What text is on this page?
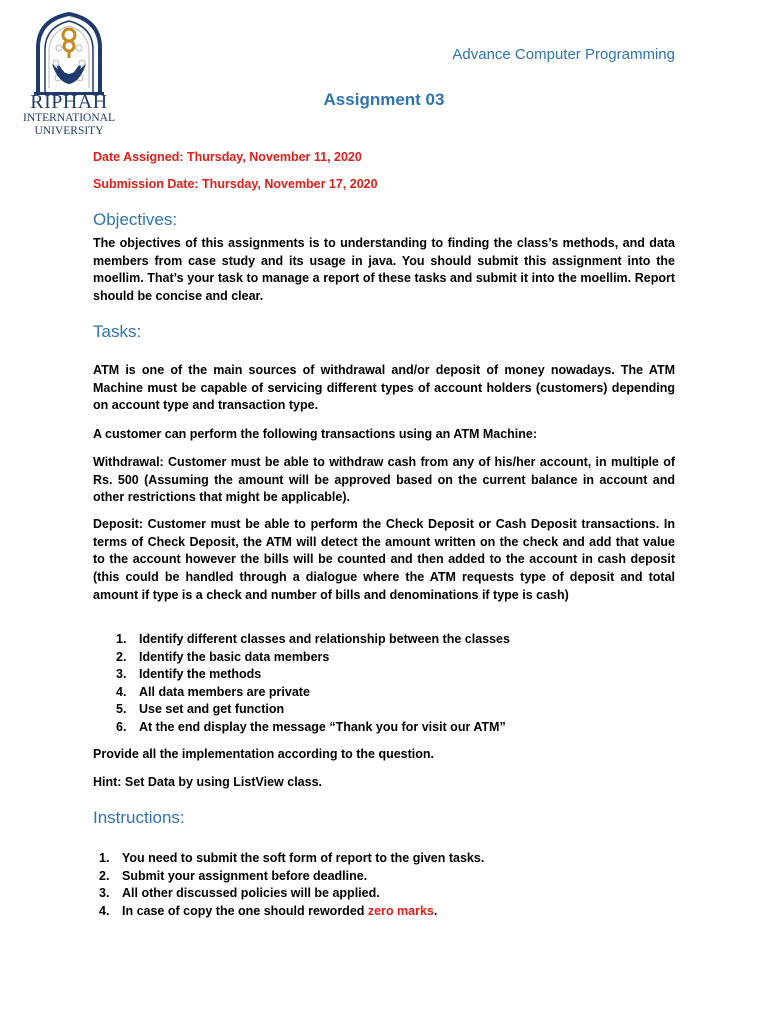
RIPHAH
INTERNATIONAL
UNIVERSITY
Advance Computer Programming
Assignment 03
Date Assigned: Thursday, November 11, 2020
Submission Date: Thursday, November 17, 2020
Objectives:

The objectives of this assignments is to understanding to finding the class’s methods, and data members from case study and its usage in java. You should submit this assignment into the moellim. That’s your task to manage a report of these tasks and submit it into the moellim. Report should be concise and clear.

Tasks:

ATM is one of the main sources of withdrawal and/or deposit of money nowadays. The ATM Machine must be capable of servicing different types of account holders (customers) depending on account type and transaction type.

A customer can perform the following transactions using an ATM Machine:

Withdrawal: Customer must be able to withdraw cash from any of his/her account, in multiple of Rs. 500 (Assuming the amount will be approved based on the current balance in account and other restrictions that might be applicable).

Deposit: Customer must be able to perform the Check Deposit or Cash Deposit transactions. In terms of Check Deposit, the ATM will detect the amount written on the check and add that value to the account however the bills will be counted and then added to the account in cash deposit (this could be handled through a dialogue where the ATM requests type of deposit and total amount if type is a check and number of bills and denominations if type is cash)

1. Identify different classes and relationship between the classes
2. Identify the basic data members
3. Identify the methods
4. All data members are private
5. Use set and get function
6. At the end display the message “Thank you for visit our ATM”

Provide all the implementation according to the question.

Hint: Set Data by using ListView class.

Instructions:
1. You need to submit the soft form of report to the given tasks.
2. Submit your assignment before deadline.
3. All other discussed policies will be applied.
4. In case of copy the one should reworded zero marks.
